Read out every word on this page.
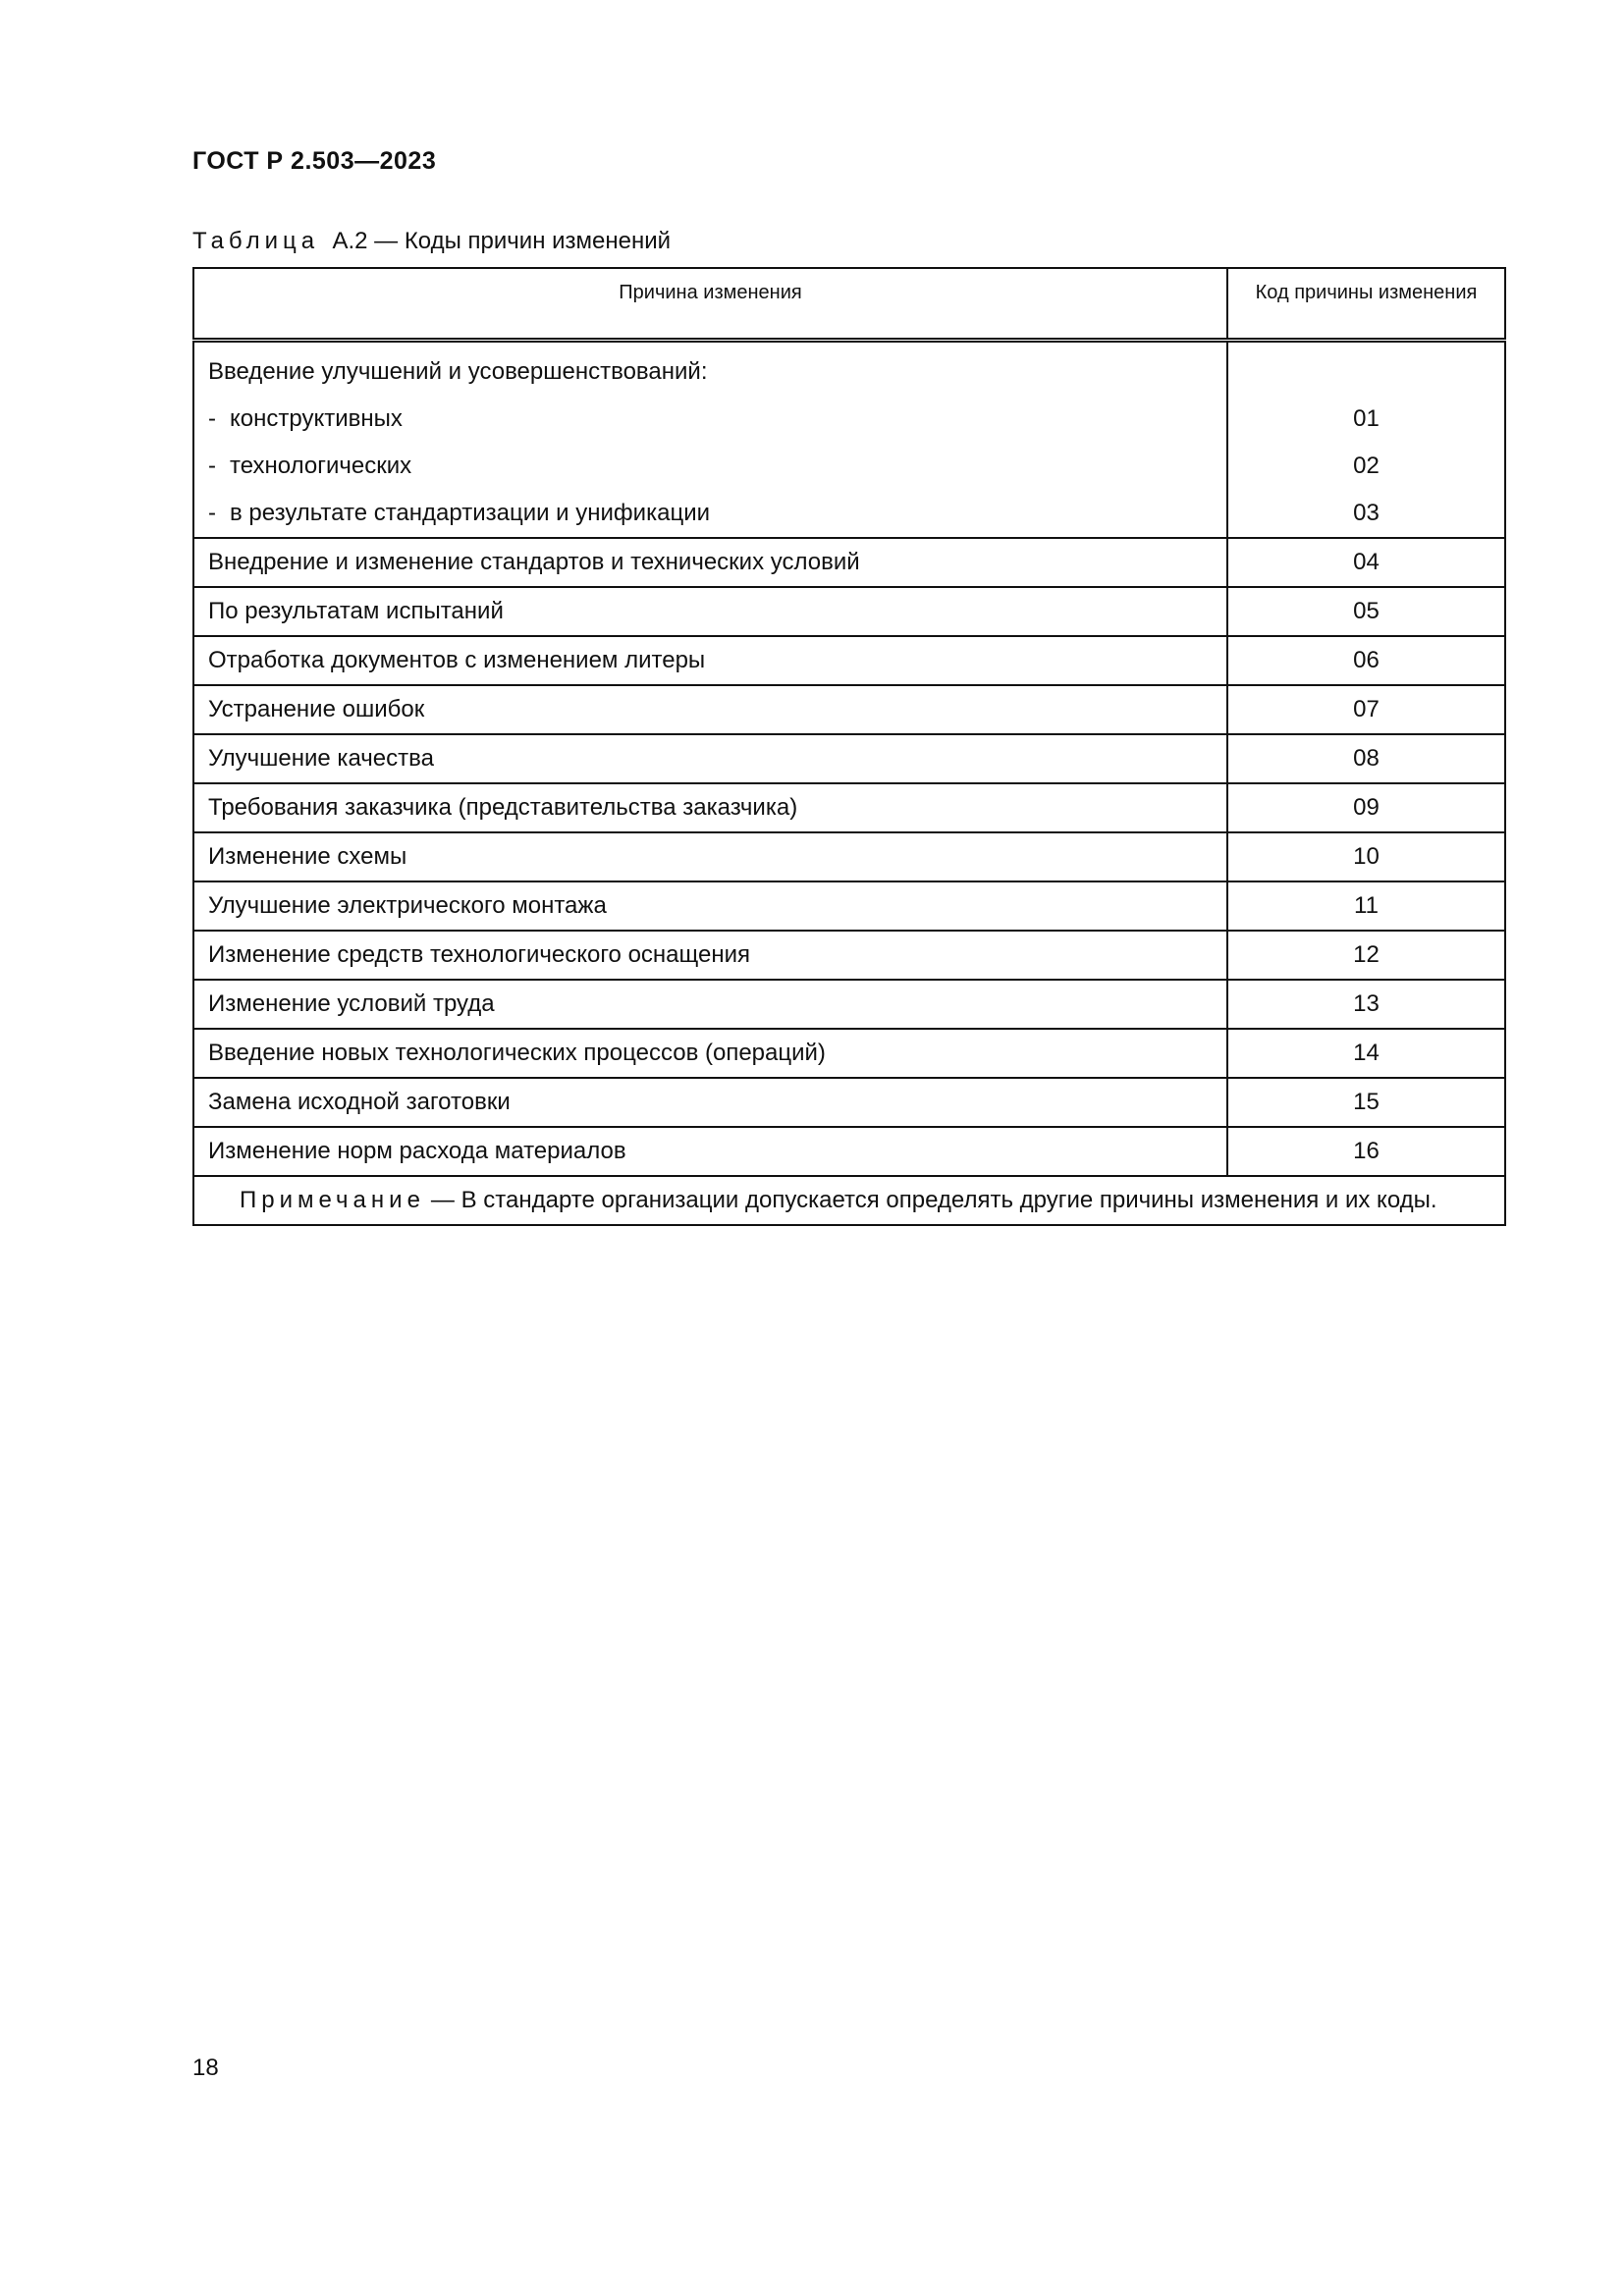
ГОСТ Р 2.503—2023

Таблица А.2 — Коды причин изменений

Причина изменения	Код причины изменения
Введение улучшений и усовершенствований:	
- конструктивных	01
- технологических	02
- в результате стандартизации и унификации	03
Внедрение и изменение стандартов и технических условий	04
По результатам испытаний	05
Отработка документов с изменением литеры	06
Устранение ошибок	07
Улучшение качества	08
Требования заказчика (представительства заказчика)	09
Изменение схемы	10
Улучшение электрического монтажа	11
Изменение средств технологического оснащения	12
Изменение условий труда	13
Введение новых технологических процессов (операций)	14
Замена исходной заготовки	15
Изменение норм расхода материалов	16
Примечание — В стандарте организации допускается определять другие причины изменения и их коды.	

18
